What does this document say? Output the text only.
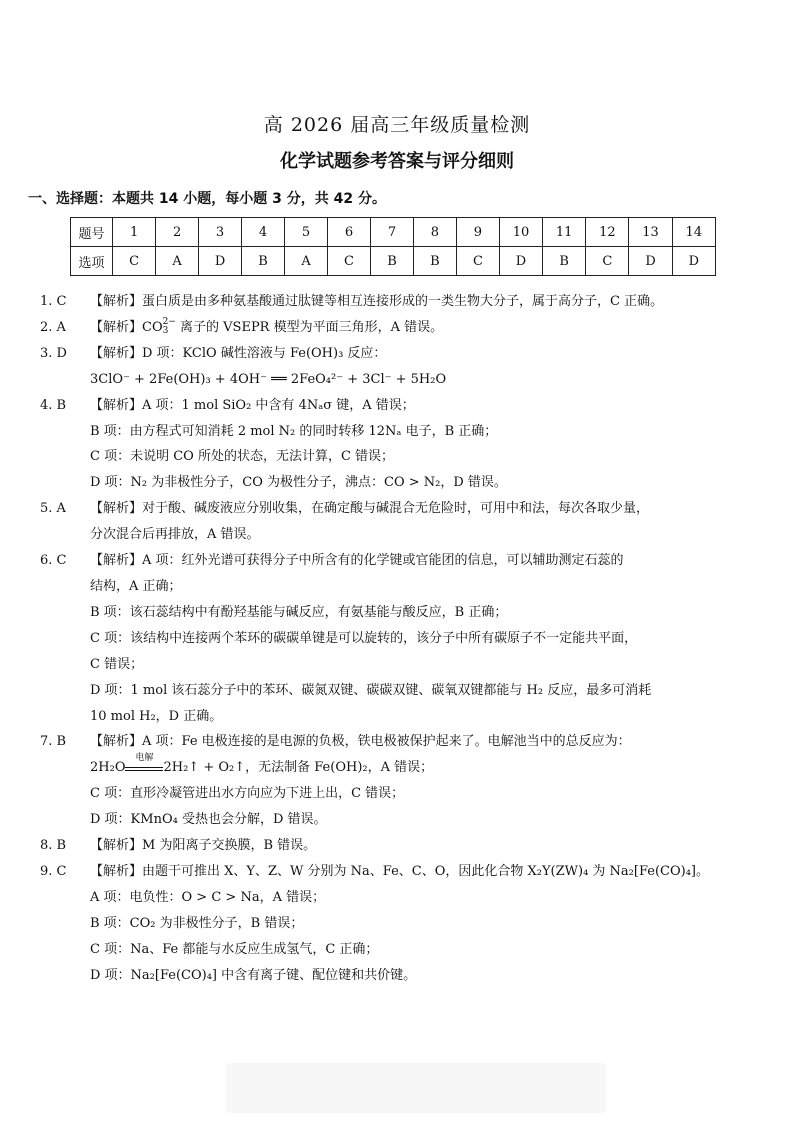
高 2026 届高三年级质量检测
化学试题参考答案与评分细则
一、选择题：本题共 14 小题，每小题 3 分，共 42 分。
题号	1	2	3	4	5	6	7	8	9	10	11	12	13	14
选项	C	A	D	B	A	C	B	B	C	D	B	C	D	D
1. C	【解析】蛋白质是由多种氨基酸通过肽键等相互连接形成的一类生物大分子，属于高分子，C 正确。
2. A	【解析】CO 2−
3 离子的 VSEPR 模型为平面三角形，A 错误。
3. D	【解析】D 项：KClO 碱性溶液与 Fe(OH)₃ 反应：
3ClO⁻ + 2Fe(OH)₃ + 4OH⁻ ══ 2FeO₄²⁻ + 3Cl⁻ + 5H₂O
4. B	【解析】A 项：1 mol SiO₂ 中含有 4Nₐσ 键，A 错误；
B 项：由方程式可知消耗 2 mol N₂ 的同时转移 12Nₐ 电子，B 正确；
C 项：未说明 CO 所处的状态，无法计算，C 错误；
D 项：N₂ 为非极性分子，CO 为极性分子，沸点：CO > N₂，D 错误。
5. A	【解析】对于酸、碱废液应分别收集，在确定酸与碱混合无危险时，可用中和法，每次各取少量，
分次混合后再排放，A 错误。
6. C	【解析】A 项：红外光谱可获得分子中所含有的化学键或官能团的信息，可以辅助测定石蕊的
结构，A 正确；
B 项：该石蕊结构中有酚羟基能与碱反应，有氨基能与酸反应，B 正确；
C 项：该结构中连接两个苯环的碳碳单键是可以旋转的，该分子中所有碳原子不一定能共平面，
C 错误；
D 项：1 mol 该石蕊分子中的苯环、碳氮双键、碳碳双键、碳氧双键都能与 H₂ 反应，最多可消耗
10 mol H₂，D 正确。
7. B	【解析】A 项：Fe 电极连接的是电源的负极，铁电极被保护起来了。电解池当中的总反应为：
2H₂O
电解
2H₂↑ + O₂↑，无法制备 Fe(OH)₂，A 错误；
C 项：直形冷凝管进出水方向应为下进上出，C 错误；
D 项：KMnO₄ 受热也会分解，D 错误。
8. B	【解析】M 为阳离子交换膜，B 错误。
9. C	【解析】由题干可推出 X、Y、Z、W 分别为 Na、Fe、C、O，因此化合物 X₂Y(ZW)₄ 为 Na₂[Fe(CO)₄]。
A 项：电负性：O > C > Na，A 错误；
B 项：CO₂ 为非极性分子，B 错误；
C 项：Na、Fe 都能与水反应生成氢气，C 正确；
D 项：Na₂[Fe(CO)₄] 中含有离子键、配位键和共价键。
